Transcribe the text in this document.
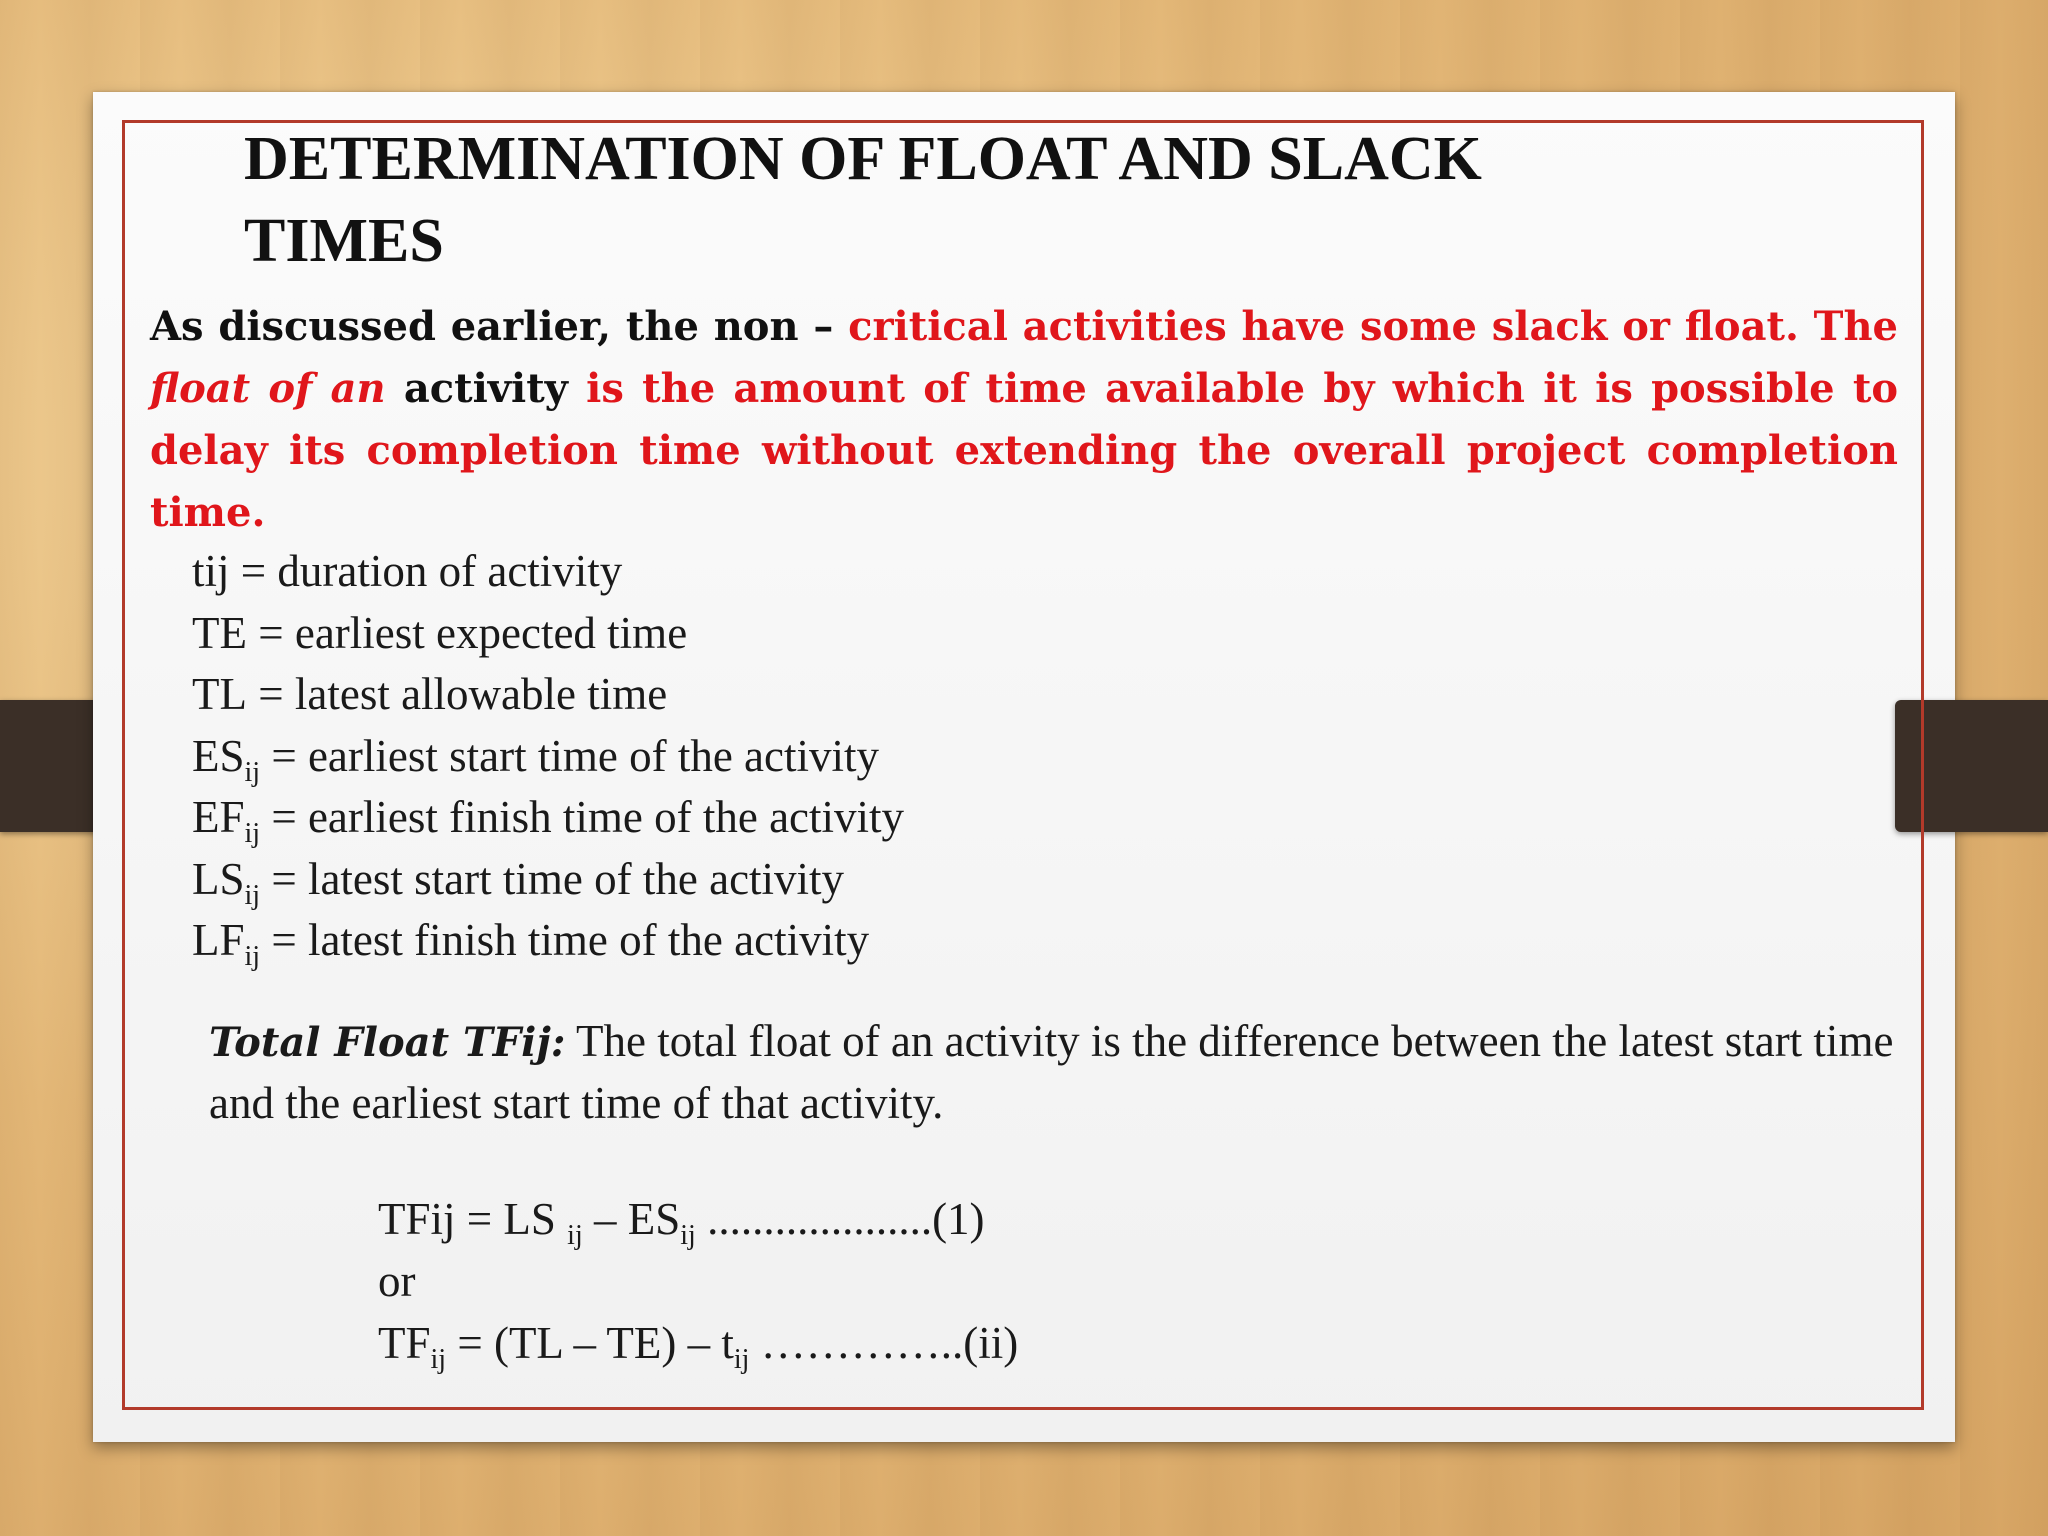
DETERMINATION OF FLOAT AND SLACK
TIMES

As discussed earlier, the non – critical activities have some slack or float. The float of an activity is the amount of time available by which it is possible to delay its completion time without extending the overall project completion time.

tij = duration of activity
TE = earliest expected time
TL = latest allowable time
$ES_{ij}$ = earliest start time of the activity
$EF_{ij}$ = earliest finish time of the activity
$LS_{ij}$ = latest start time of the activity
$LF_{ij}$ = latest finish time of the activity

Total Float TFij: The total float of an activity is the difference between the latest start time and the earliest start time of that activity.

TFij = LS $_{ij} - ES_{ij}$ ....................(1)
or
$TF_{ij} = (TL - TE) - t_{ij}$ …………..(ii)
